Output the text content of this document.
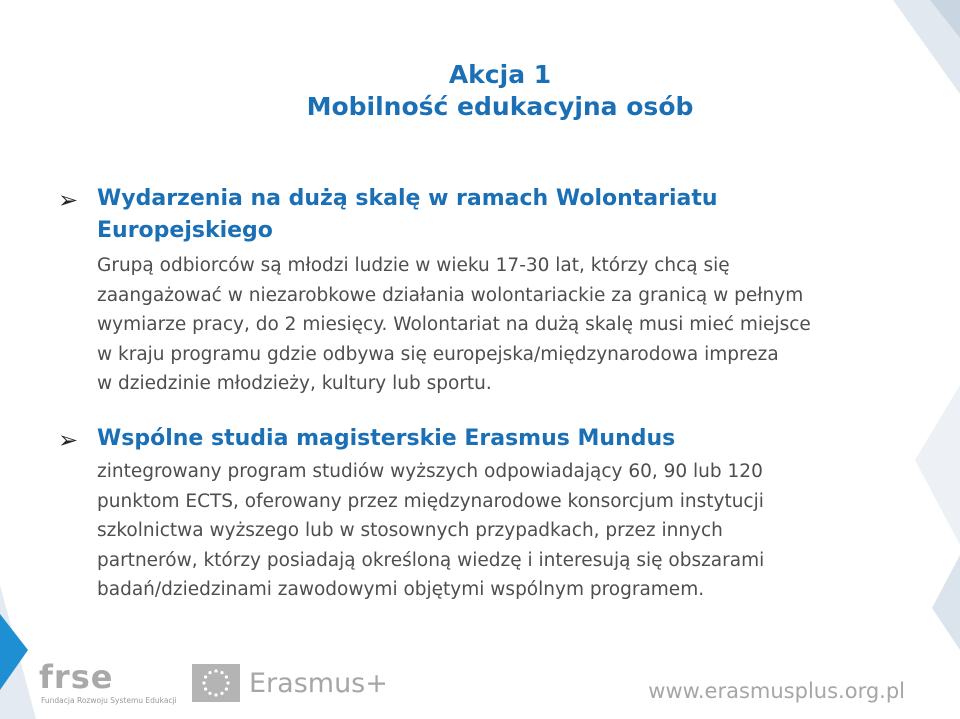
Akcja 1
Mobilność edukacyjna osób
➢ Wydarzenia na dużą skalę w ramach Wolontariatu
Europejskiego
Grupą odbiorców są młodzi ludzie w wieku 17-30 lat, którzy chcą się
zaangażować w niezarobkowe działania wolontariackie za granicą w pełnym
wymiarze pracy, do 2 miesięcy. Wolontariat na dużą skalę musi mieć miejsce
w kraju programu gdzie odbywa się europejska/międzynarodowa impreza
w dziedzinie młodzieży, kultury lub sportu.
➢ Wspólne studia magisterskie Erasmus Mundus
zintegrowany program studiów wyższych odpowiadający 60, 90 lub 120
punktom ECTS, oferowany przez międzynarodowe konsorcjum instytucji
szkolnictwa wyższego lub w stosownych przypadkach, przez innych
partnerów, którzy posiadają określoną wiedzę i interesują się obszarami
badań/dziedzinami zawodowymi objętymi wspólnym programem.
frse
Fundacja Rozwoju Systemu Edukacji
Erasmus+	www.erasmusplus.org.pl
